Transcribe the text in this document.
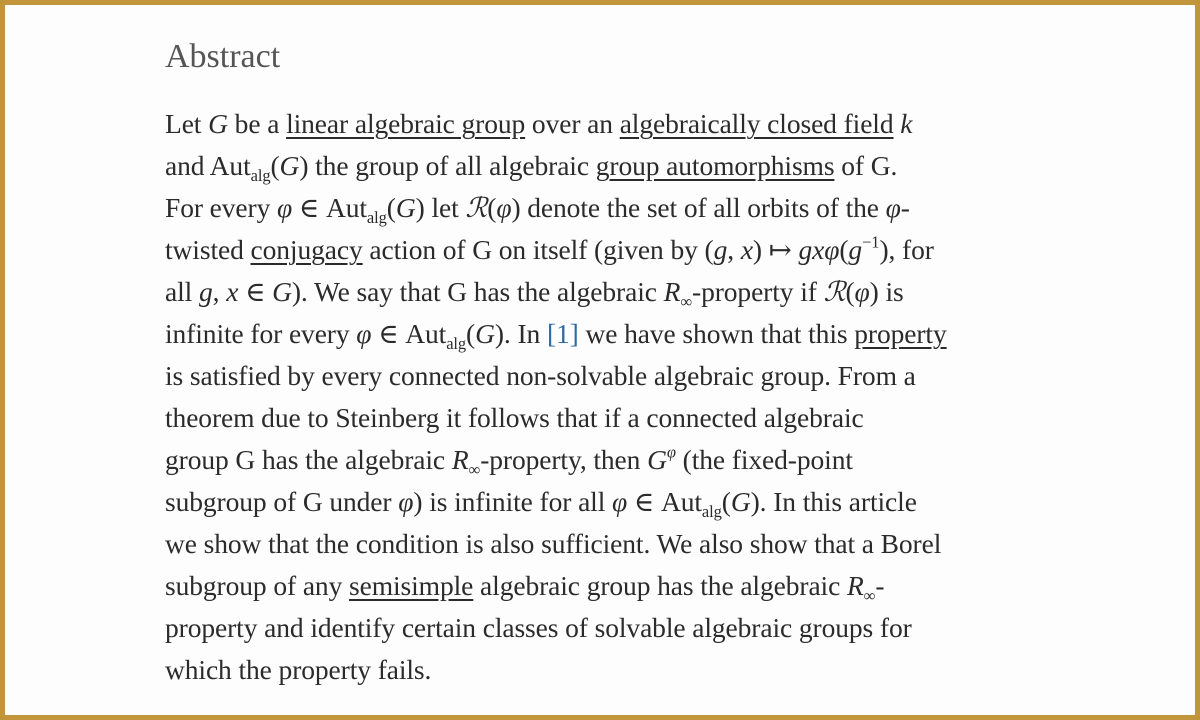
Abstract
Let G be a linear algebraic group over an algebraically closed field k
and Aut$_{alg}$(G) the group of all algebraic group automorphisms of G.
For every φ ∈ Aut$_{alg}$(G) let ℛ(φ) denote the set of all orbits of the φ-
twisted conjugacy action of G on itself (given by (g, x) ↦ $gx\varphi(g^{-1})$, for
all g, x ∈ G). We say that G has the algebraic $R_\infty$-property if ℛ(φ) is
infinite for every φ ∈ Aut$_{alg}$(G). In [1] we have shown that this property
is satisfied by every connected non-solvable algebraic group. From a
theorem due to Steinberg it follows that if a connected algebraic
group G has the algebraic $R_\infty$-property, then $G^\varphi$ (the fixed-point
subgroup of G under φ) is infinite for all φ ∈ Aut$_{alg}$(G). In this article
we show that the condition is also sufficient. We also show that a Borel
subgroup of any semisimple algebraic group has the algebraic $R_\infty-$
property and identify certain classes of solvable algebraic groups for
which the property fails.
